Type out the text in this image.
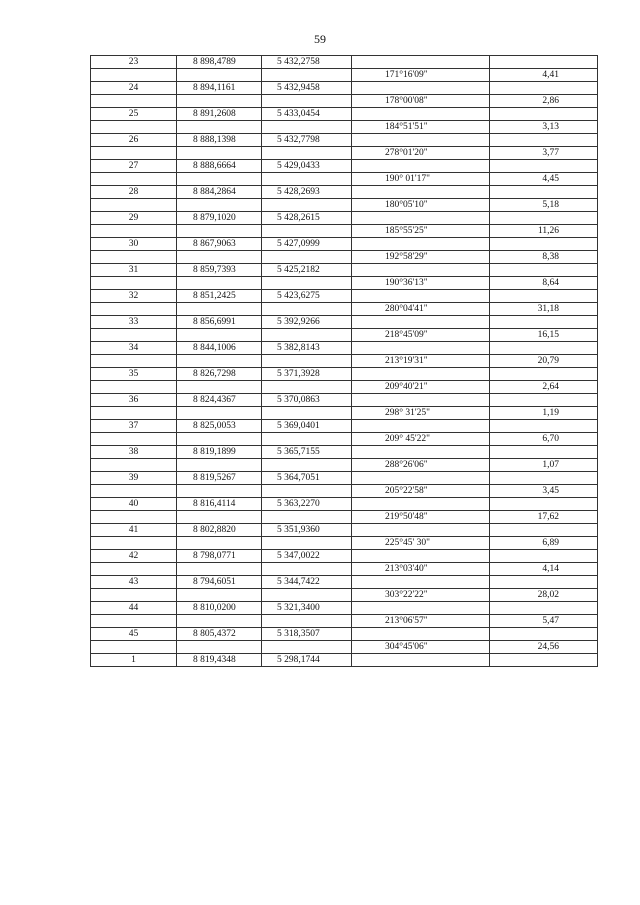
59
23	8 898,4789	5 432,2758		
			171°16'09"	4,41
24	8 894,1161	5 432,9458		
			178°00'08"	2,86
25	8 891,2608	5 433,0454		
			184°51'51"	3,13
26	8 888,1398	5 432,7798		
			278°01'20"	3,77
27	8 888,6664	5 429,0433		
			190° 01'17"	4,45
28	8 884,2864	5 428,2693		
			180°05'10"	5,18
29	8 879,1020	5 428,2615		
			185°55'25"	11,26
30	8 867,9063	5 427,0999		
			192°58'29"	8,38
31	8 859,7393	5 425,2182		
			190°36'13"	8,64
32	8 851,2425	5 423,6275		
			280°04'41"	31,18
33	8 856,6991	5 392,9266		
			218°45'09"	16,15
34	8 844,1006	5 382,8143		
			213°19'31"	20,79
35	8 826,7298	5 371,3928		
			209°40'21"	2,64
36	8 824,4367	5 370,0863		
			298° 31'25"	1,19
37	8 825,0053	5 369,0401		
			209° 45'22"	6,70
38	8 819,1899	5 365,7155		
			288°26'06"	1,07
39	8 819,5267	5 364,7051		
			205°22'58"	3,45
40	8 816,4114	5 363,2270		
			219°50'48"	17,62
41	8 802,8820	5 351,9360		
			225°45' 30"	6,89
42	8 798,0771	5 347,0022		
			213°03'40"	4,14
43	8 794,6051	5 344,7422		
			303°22'22"	28,02
44	8 810,0200	5 321,3400		
			213°06'57"	5,47
45	8 805,4372	5 318,3507		
			304°45'06"	24,56
1	8 819,4348	5 298,1744		
